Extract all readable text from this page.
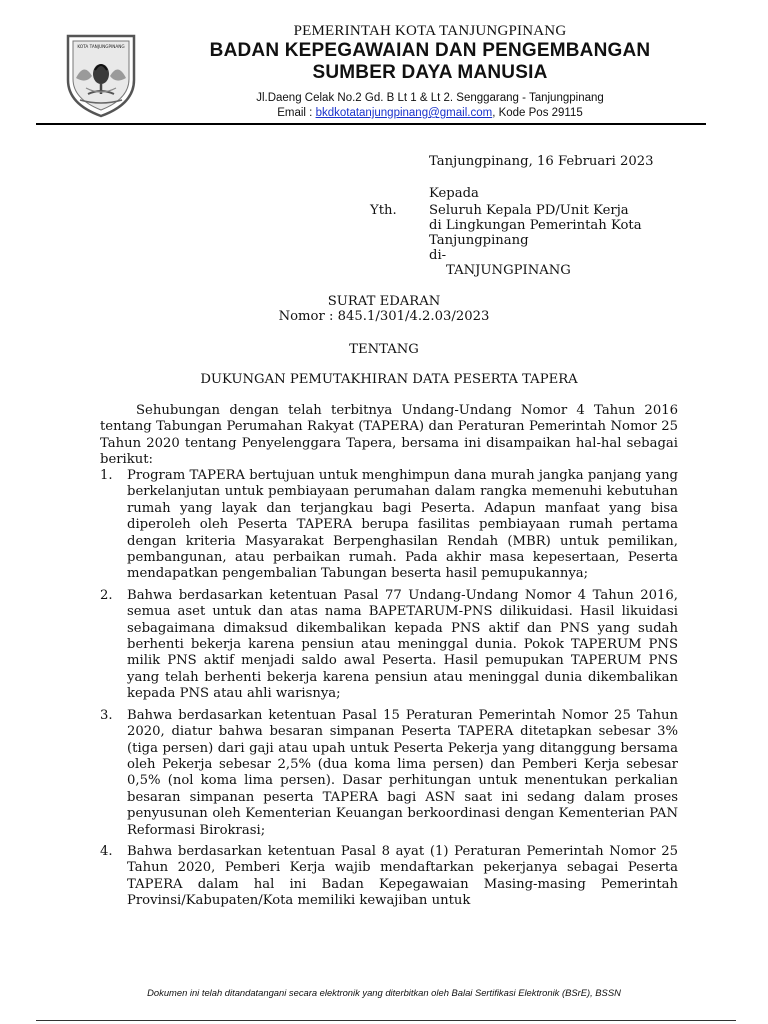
KOTA TANJUNGPINANG
PEMERINTAH KOTA TANJUNGPINANG
BADAN KEPEGAWAIAN DAN PENGEMBANGAN
SUMBER DAYA MANUSIA
Jl.Daeng Celak No.2 Gd. B Lt 1 & Lt 2. Senggarang - Tanjungpinang
Email : bkdkotatanjungpinang@gmail.com, Kode Pos 29115
Tanjungpinang, 16 Februari 2023
Kepada
Yth. Seluruh Kepala PD/Unit Kerja
di Lingkungan Pemerintah Kota
Tanjungpinang
di-
TANJUNGPINANG
SURAT EDARAN
Nomor : 845.1/301/4.2.03/2023
TENTANG
DUKUNGAN PEMUTAKHIRAN DATA PESERTA TAPERA
Sehubungan dengan telah terbitnya Undang-Undang Nomor 4 Tahun 2016 tentang Tabungan Perumahan Rakyat (TAPERA) dan Peraturan Pemerintah Nomor 25 Tahun 2020 tentang Penyelenggara Tapera, bersama ini disampaikan hal-hal sebagai berikut:
1. Program TAPERA bertujuan untuk menghimpun dana murah jangka panjang yang berkelanjutan untuk pembiayaan perumahan dalam rangka memenuhi kebutuhan rumah yang layak dan terjangkau bagi Peserta. Adapun manfaat yang bisa diperoleh oleh Peserta TAPERA berupa fasilitas pembiayaan rumah pertama dengan kriteria Masyarakat Berpenghasilan Rendah (MBR) untuk pemilikan, pembangunan, atau perbaikan rumah. Pada akhir masa kepesertaan, Peserta mendapatkan pengembalian Tabungan beserta hasil pemupukannya;
2. Bahwa berdasarkan ketentuan Pasal 77 Undang-Undang Nomor 4 Tahun 2016, semua aset untuk dan atas nama BAPETARUM-PNS dilikuidasi. Hasil likuidasi sebagaimana dimaksud dikembalikan kepada PNS aktif dan PNS yang sudah berhenti bekerja karena pensiun atau meninggal dunia. Pokok TAPERUM PNS milik PNS aktif menjadi saldo awal Peserta. Hasil pemupukan TAPERUM PNS yang telah berhenti bekerja karena pensiun atau meninggal dunia dikembalikan kepada PNS atau ahli warisnya;
3. Bahwa berdasarkan ketentuan Pasal 15 Peraturan Pemerintah Nomor 25 Tahun 2020, diatur bahwa besaran simpanan Peserta TAPERA ditetapkan sebesar 3% (tiga persen) dari gaji atau upah untuk Peserta Pekerja yang ditanggung bersama oleh Pekerja sebesar 2,5% (dua koma lima persen) dan Pemberi Kerja sebesar 0,5% (nol koma lima persen). Dasar perhitungan untuk menentukan perkalian besaran simpanan peserta TAPERA bagi ASN saat ini sedang dalam proses penyusunan oleh Kementerian Keuangan berkoordinasi dengan Kementerian PAN Reformasi Birokrasi;
4. Bahwa berdasarkan ketentuan Pasal 8 ayat (1) Peraturan Pemerintah Nomor 25 Tahun 2020, Pemberi Kerja wajib mendaftarkan pekerjanya sebagai Peserta TAPERA dalam hal ini Badan Kepegawaian Masing-masing Pemerintah Provinsi/Kabupaten/Kota memiliki kewajiban untuk
Dokumen ini telah ditandatangani secara elektronik yang diterbitkan oleh Balai Sertifikasi Elektronik (BSrE), BSSN
